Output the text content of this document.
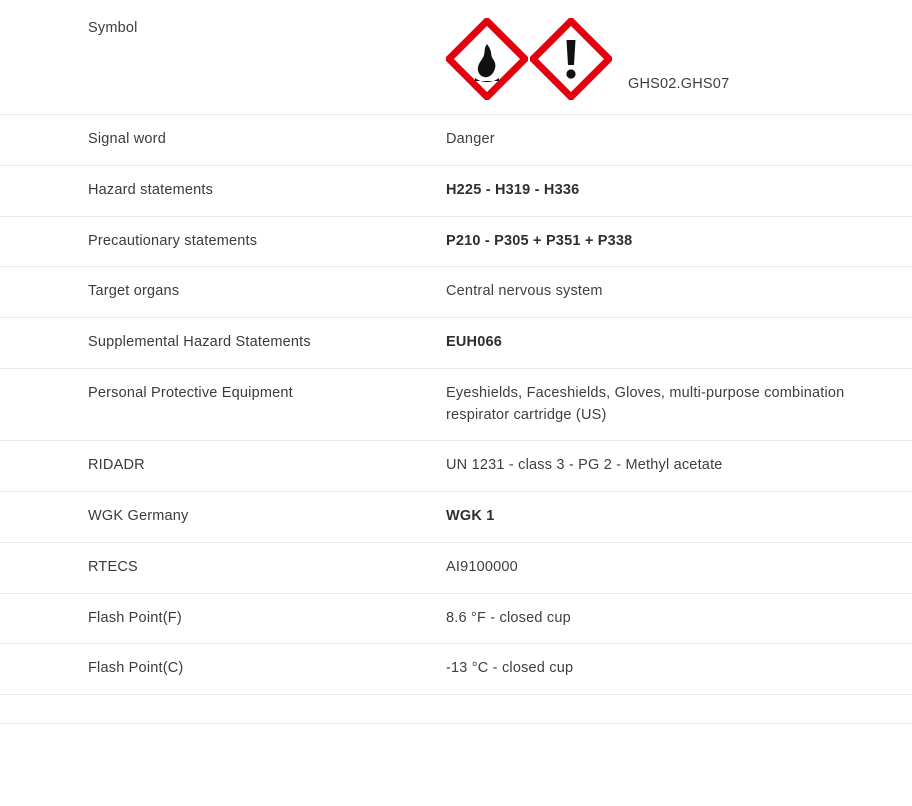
Symbol	GHS02.GHS07

Signal word	Danger
Hazard statements	H225 - H319 - H336
Precautionary statements	P210 - P305 + P351 + P338
Target organs	Central nervous system
Supplemental Hazard Statements	EUH066
Personal Protective Equipment	Eyeshields, Faceshields, Gloves, multi-purpose combination respirator cartridge (US)
RIDADR	UN 1231 - class 3 - PG 2 - Methyl acetate
WGK Germany	WGK 1
RTECS	AI9100000
Flash Point(F)	8.6 °F - closed cup
Flash Point(C)	-13 °C - closed cup
